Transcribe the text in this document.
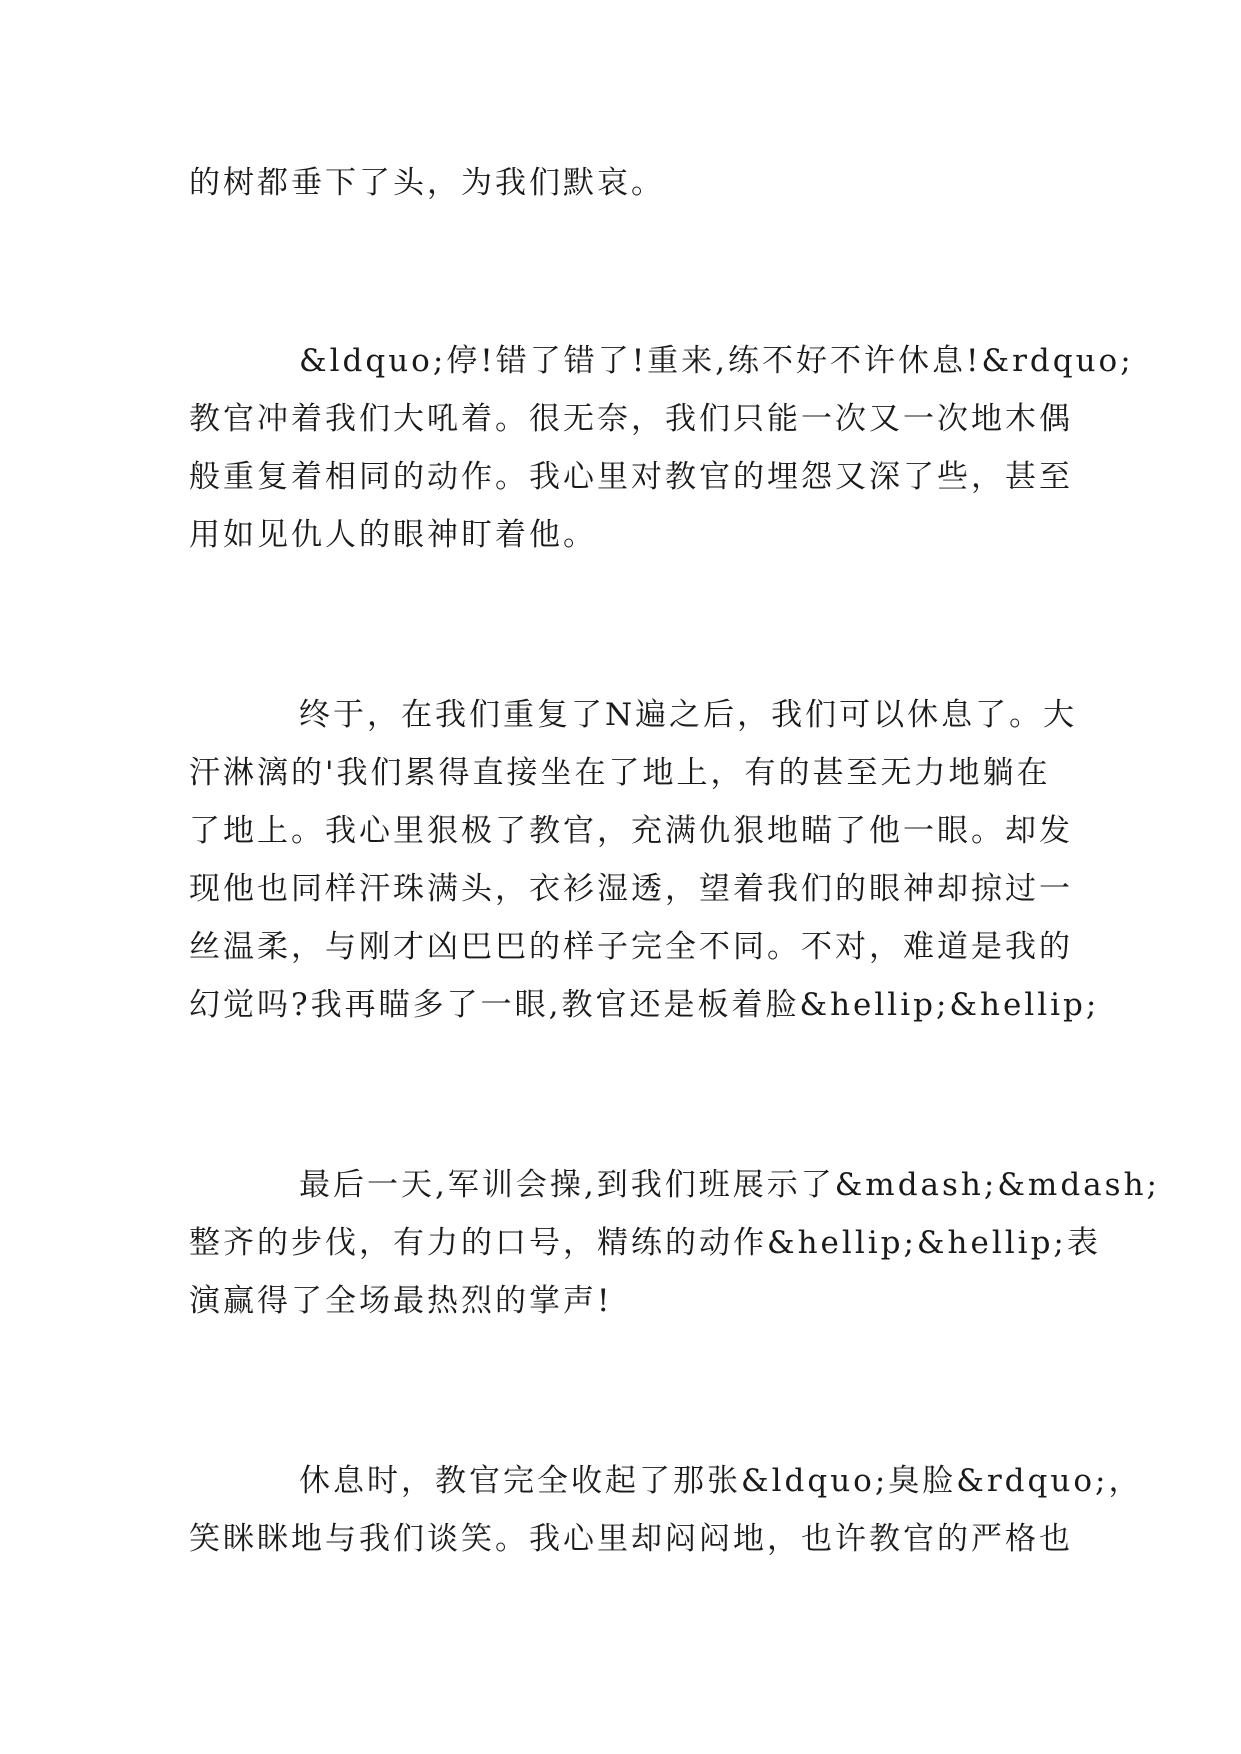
的树都垂下了头，为我们默哀。
&ldquo;停!错了错了!重来,练不好不许休息!&rdquo;
教官冲着我们大吼着。很无奈，我们只能一次又一次地木偶
般重复着相同的动作。我心里对教官的埋怨又深了些，甚至
用如见仇人的眼神盯着他。
终于，在我们重复了N遍之后，我们可以休息了。大
汗淋漓的'我们累得直接坐在了地上，有的甚至无力地躺在
了地上。我心里狠极了教官，充满仇狠地瞄了他一眼。却发
现他也同样汗珠满头，衣衫湿透，望着我们的眼神却掠过一
丝温柔，与刚才凶巴巴的样子完全不同。不对，难道是我的
幻觉吗?我再瞄多了一眼,教官还是板着脸&hellip;&hellip;
最后一天,军训会操,到我们班展示了&mdash;&mdash;
整齐的步伐，有力的口号，精练的动作&hellip;&hellip;表
演赢得了全场最热烈的掌声!
休息时，教官完全收起了那张&ldquo;臭脸&rdquo;，
笑眯眯地与我们谈笑。我心里却闷闷地，也许教官的严格也
